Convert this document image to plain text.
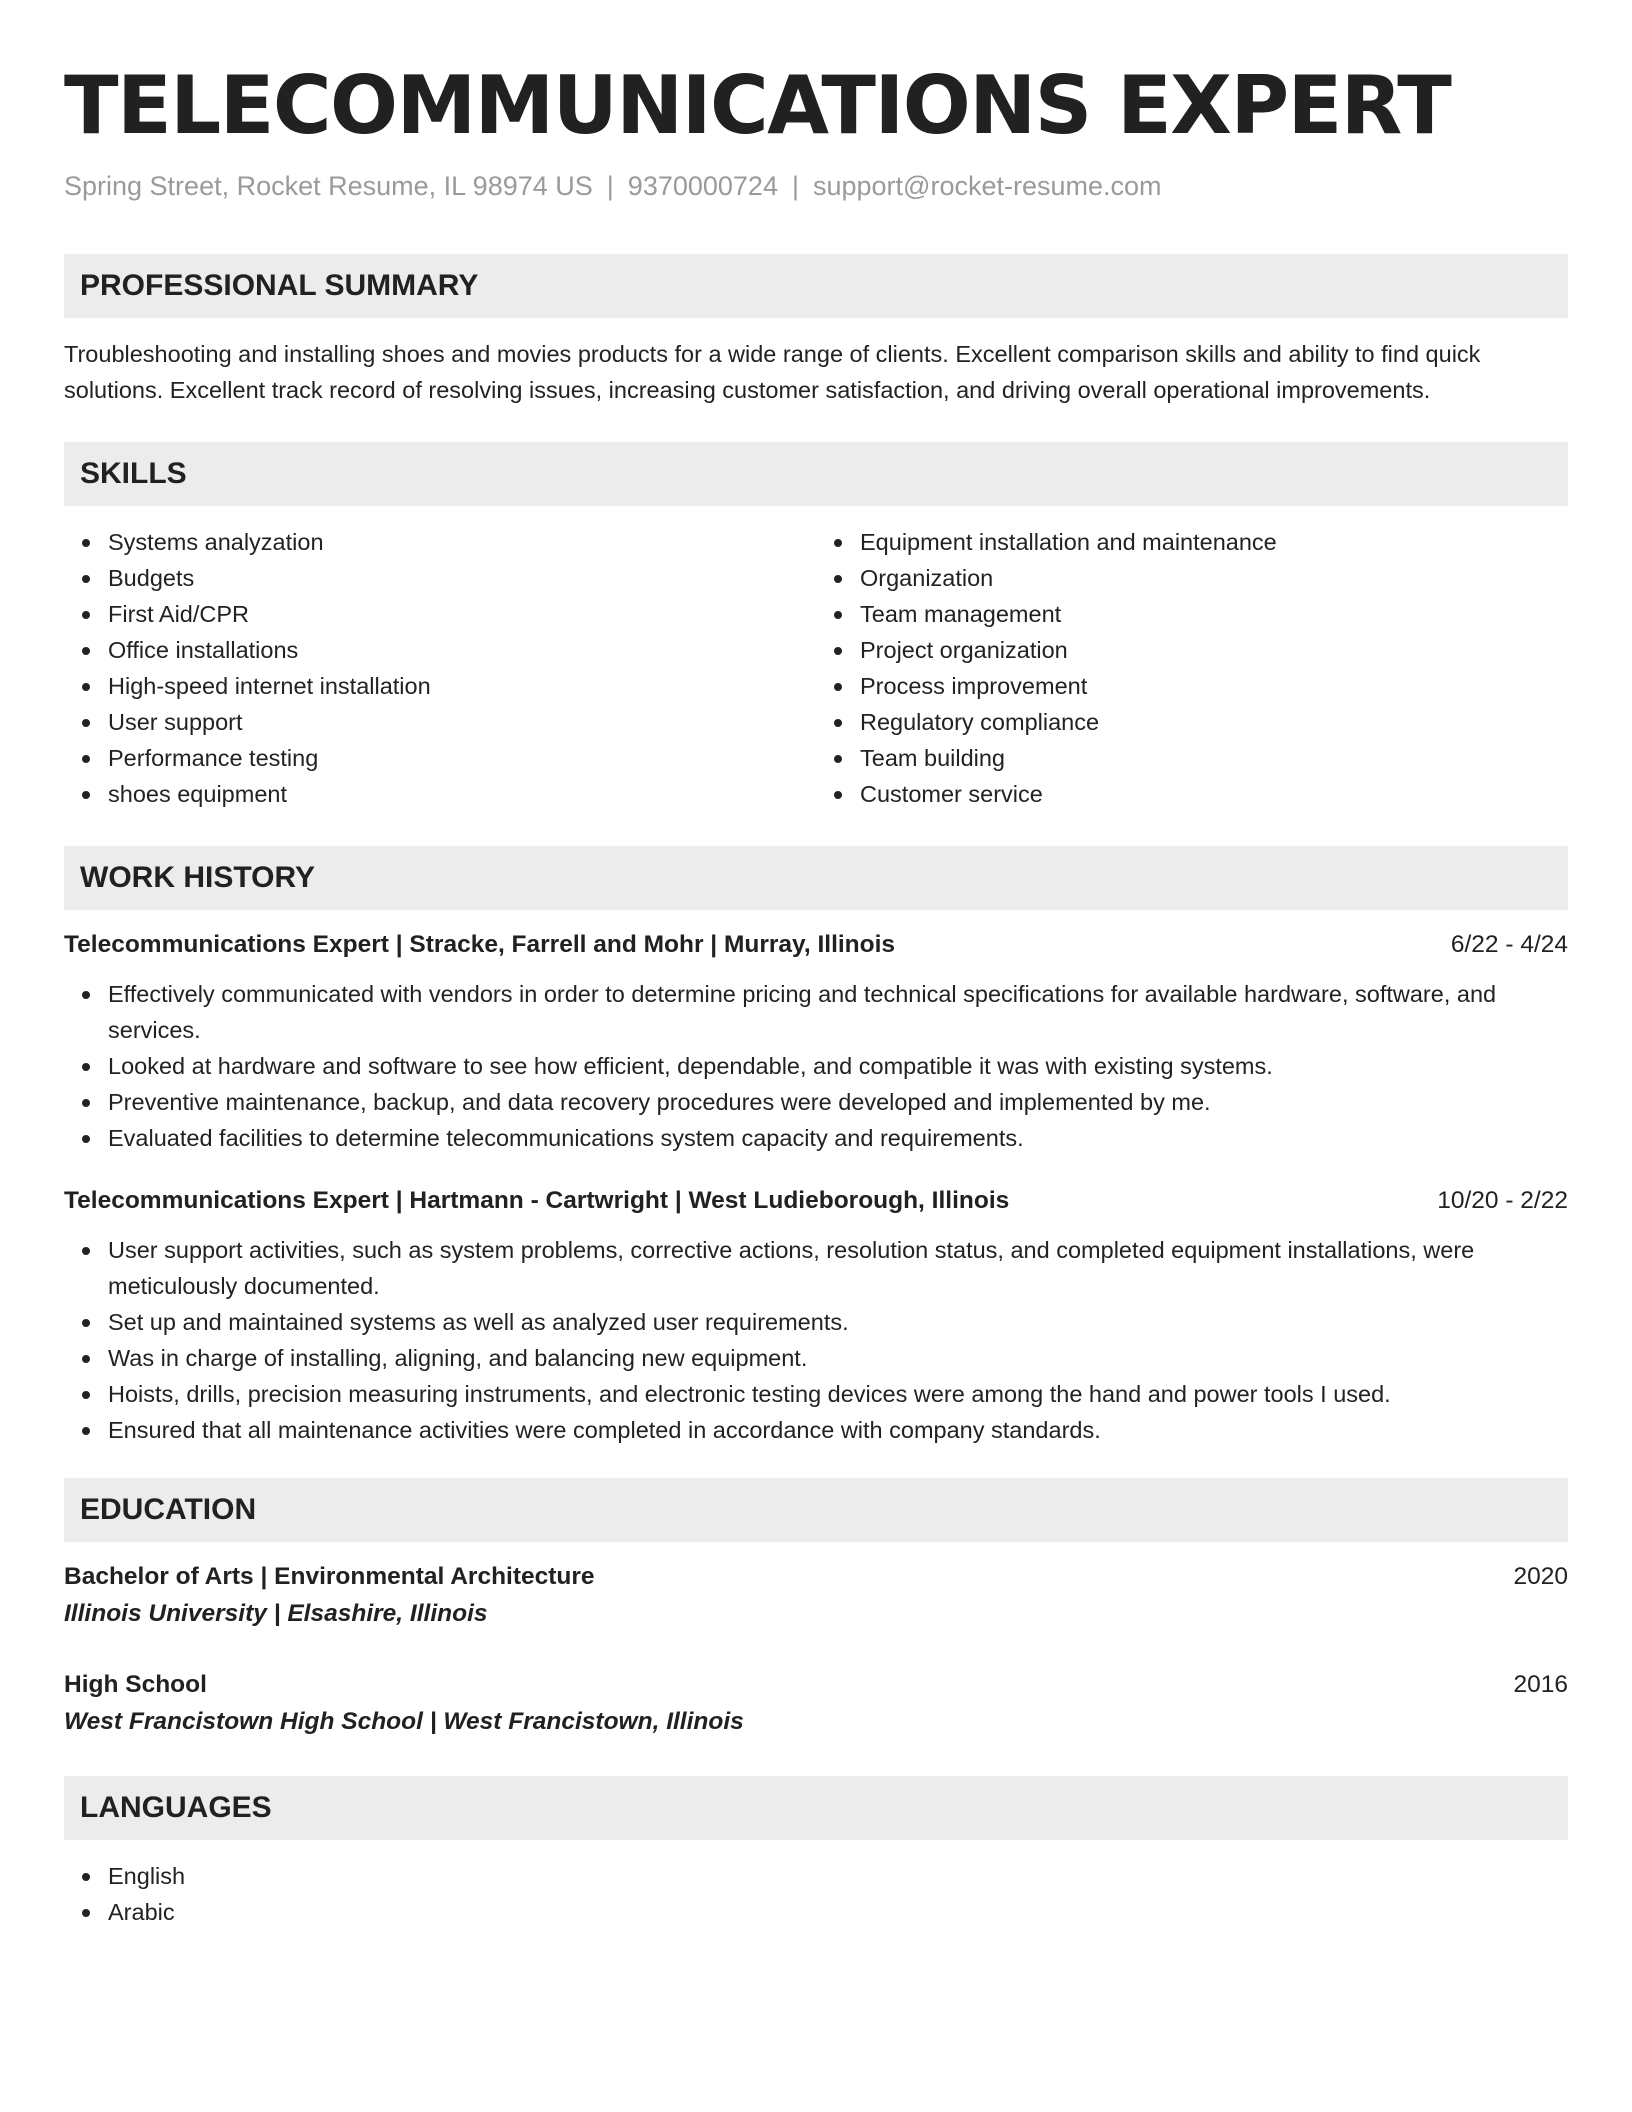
TELECOMMUNICATIONS EXPERT
Spring Street, Rocket Resume, IL 98974 US | 9370000724 | support@rocket-resume.com
PROFESSIONAL SUMMARY

Troubleshooting and installing shoes and movies products for a wide range of clients. Excellent comparison skills and ability to find quick solutions. Excellent track record of resolving issues, increasing customer satisfaction, and driving overall operational improvements.

SKILLS
Systems analyzation
Budgets
First Aid/CPR
Office installations
High-speed internet installation
User support
Performance testing
shoes equipment
Equipment installation and maintenance
Organization
Team management
Project organization
Process improvement
Regulatory compliance
Team building
Customer service
WORK HISTORY
Telecommunications Expert | Stracke, Farrell and Mohr | Murray, Illinois	6/22 - 4/24
Effectively communicated with vendors in order to determine pricing and technical specifications for available hardware, software, and services.
Looked at hardware and software to see how efficient, dependable, and compatible it was with existing systems.
Preventive maintenance, backup, and data recovery procedures were developed and implemented by me.
Evaluated facilities to determine telecommunications system capacity and requirements.
Telecommunications Expert | Hartmann - Cartwright | West Ludieborough, Illinois	10/20 - 2/22
User support activities, such as system problems, corrective actions, resolution status, and completed equipment installations, were meticulously documented.
Set up and maintained systems as well as analyzed user requirements.
Was in charge of installing, aligning, and balancing new equipment.
Hoists, drills, precision measuring instruments, and electronic testing devices were among the hand and power tools I used.
Ensured that all maintenance activities were completed in accordance with company standards.
EDUCATION
Bachelor of Arts | Environmental Architecture	2020
Illinois University | Elsashire, Illinois
High School	2016
West Francistown High School | West Francistown, Illinois
LANGUAGES
English
Arabic
